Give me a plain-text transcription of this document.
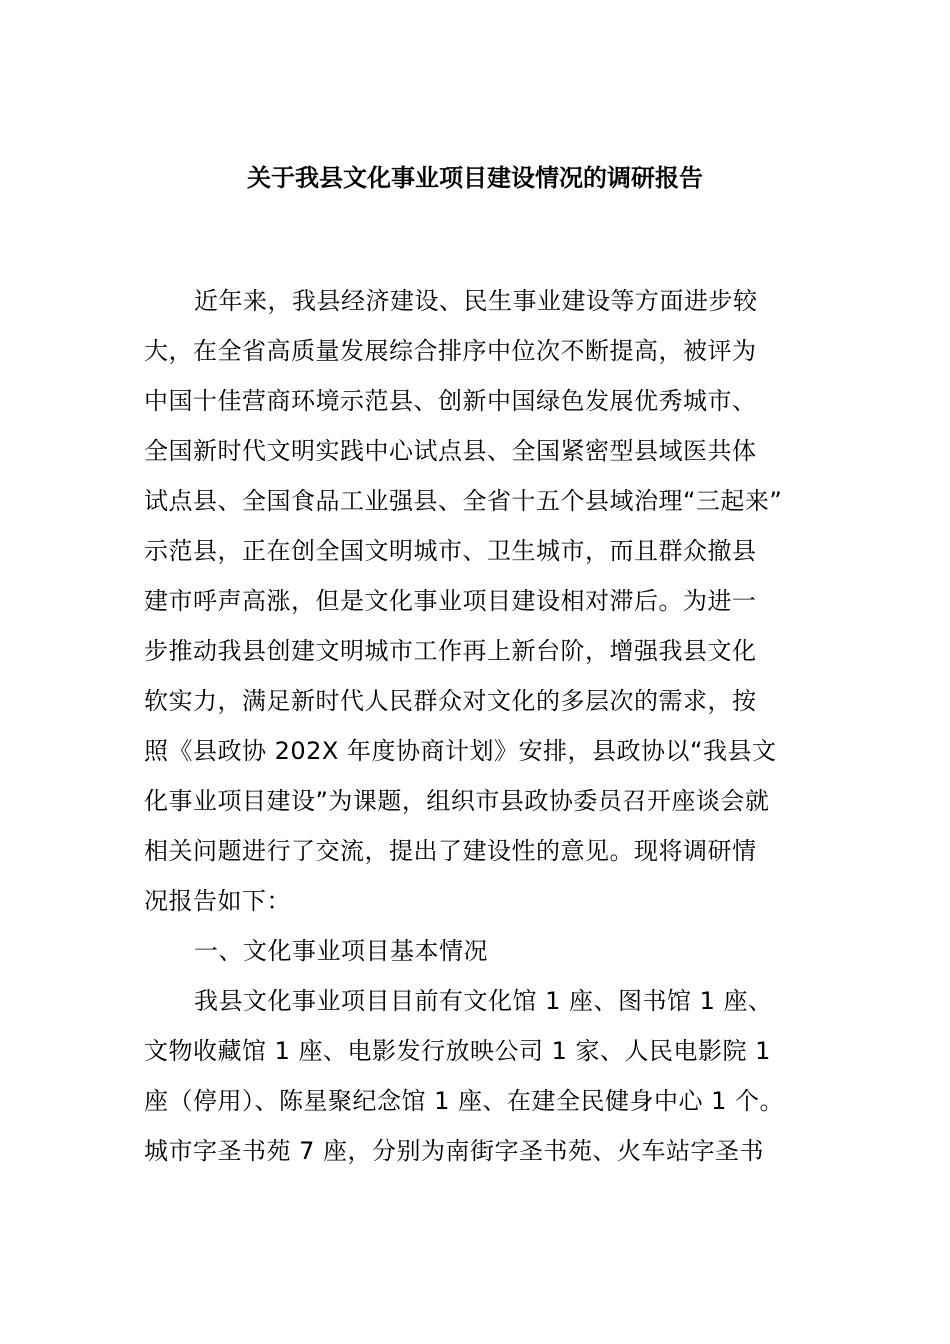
关于我县文化事业项目建设情况的调研报告
近年来，我县经济建设、民生事业建设等方面进步较
大，在全省高质量发展综合排序中位次不断提高，被评为
中国十佳营商环境示范县、创新中国绿色发展优秀城市、
全国新时代文明实践中心试点县、全国紧密型县域医共体
试点县、全国食品工业强县、全省十五个县域治理“三起来”
示范县，正在创全国文明城市、卫生城市，而且群众撤县
建市呼声高涨，但是文化事业项目建设相对滞后。为进一
步推动我县创建文明城市工作再上新台阶，增强我县文化
软实力，满足新时代人民群众对文化的多层次的需求，按
照《县政协 202X 年度协商计划》安排，县政协以“我县文
化事业项目建设”为课题，组织市县政协委员召开座谈会就
相关问题进行了交流，提出了建设性的意见。现将调研情
况报告如下：
一、文化事业项目基本情况
我县文化事业项目目前有文化馆 1 座、图书馆 1 座、
文物收藏馆 1 座、电影发行放映公司 1 家、人民电影院 1
座（停用）、陈星聚纪念馆 1 座、在建全民健身中心 1 个。
城市字圣书苑 7 座，分别为南街字圣书苑、火车站字圣书
